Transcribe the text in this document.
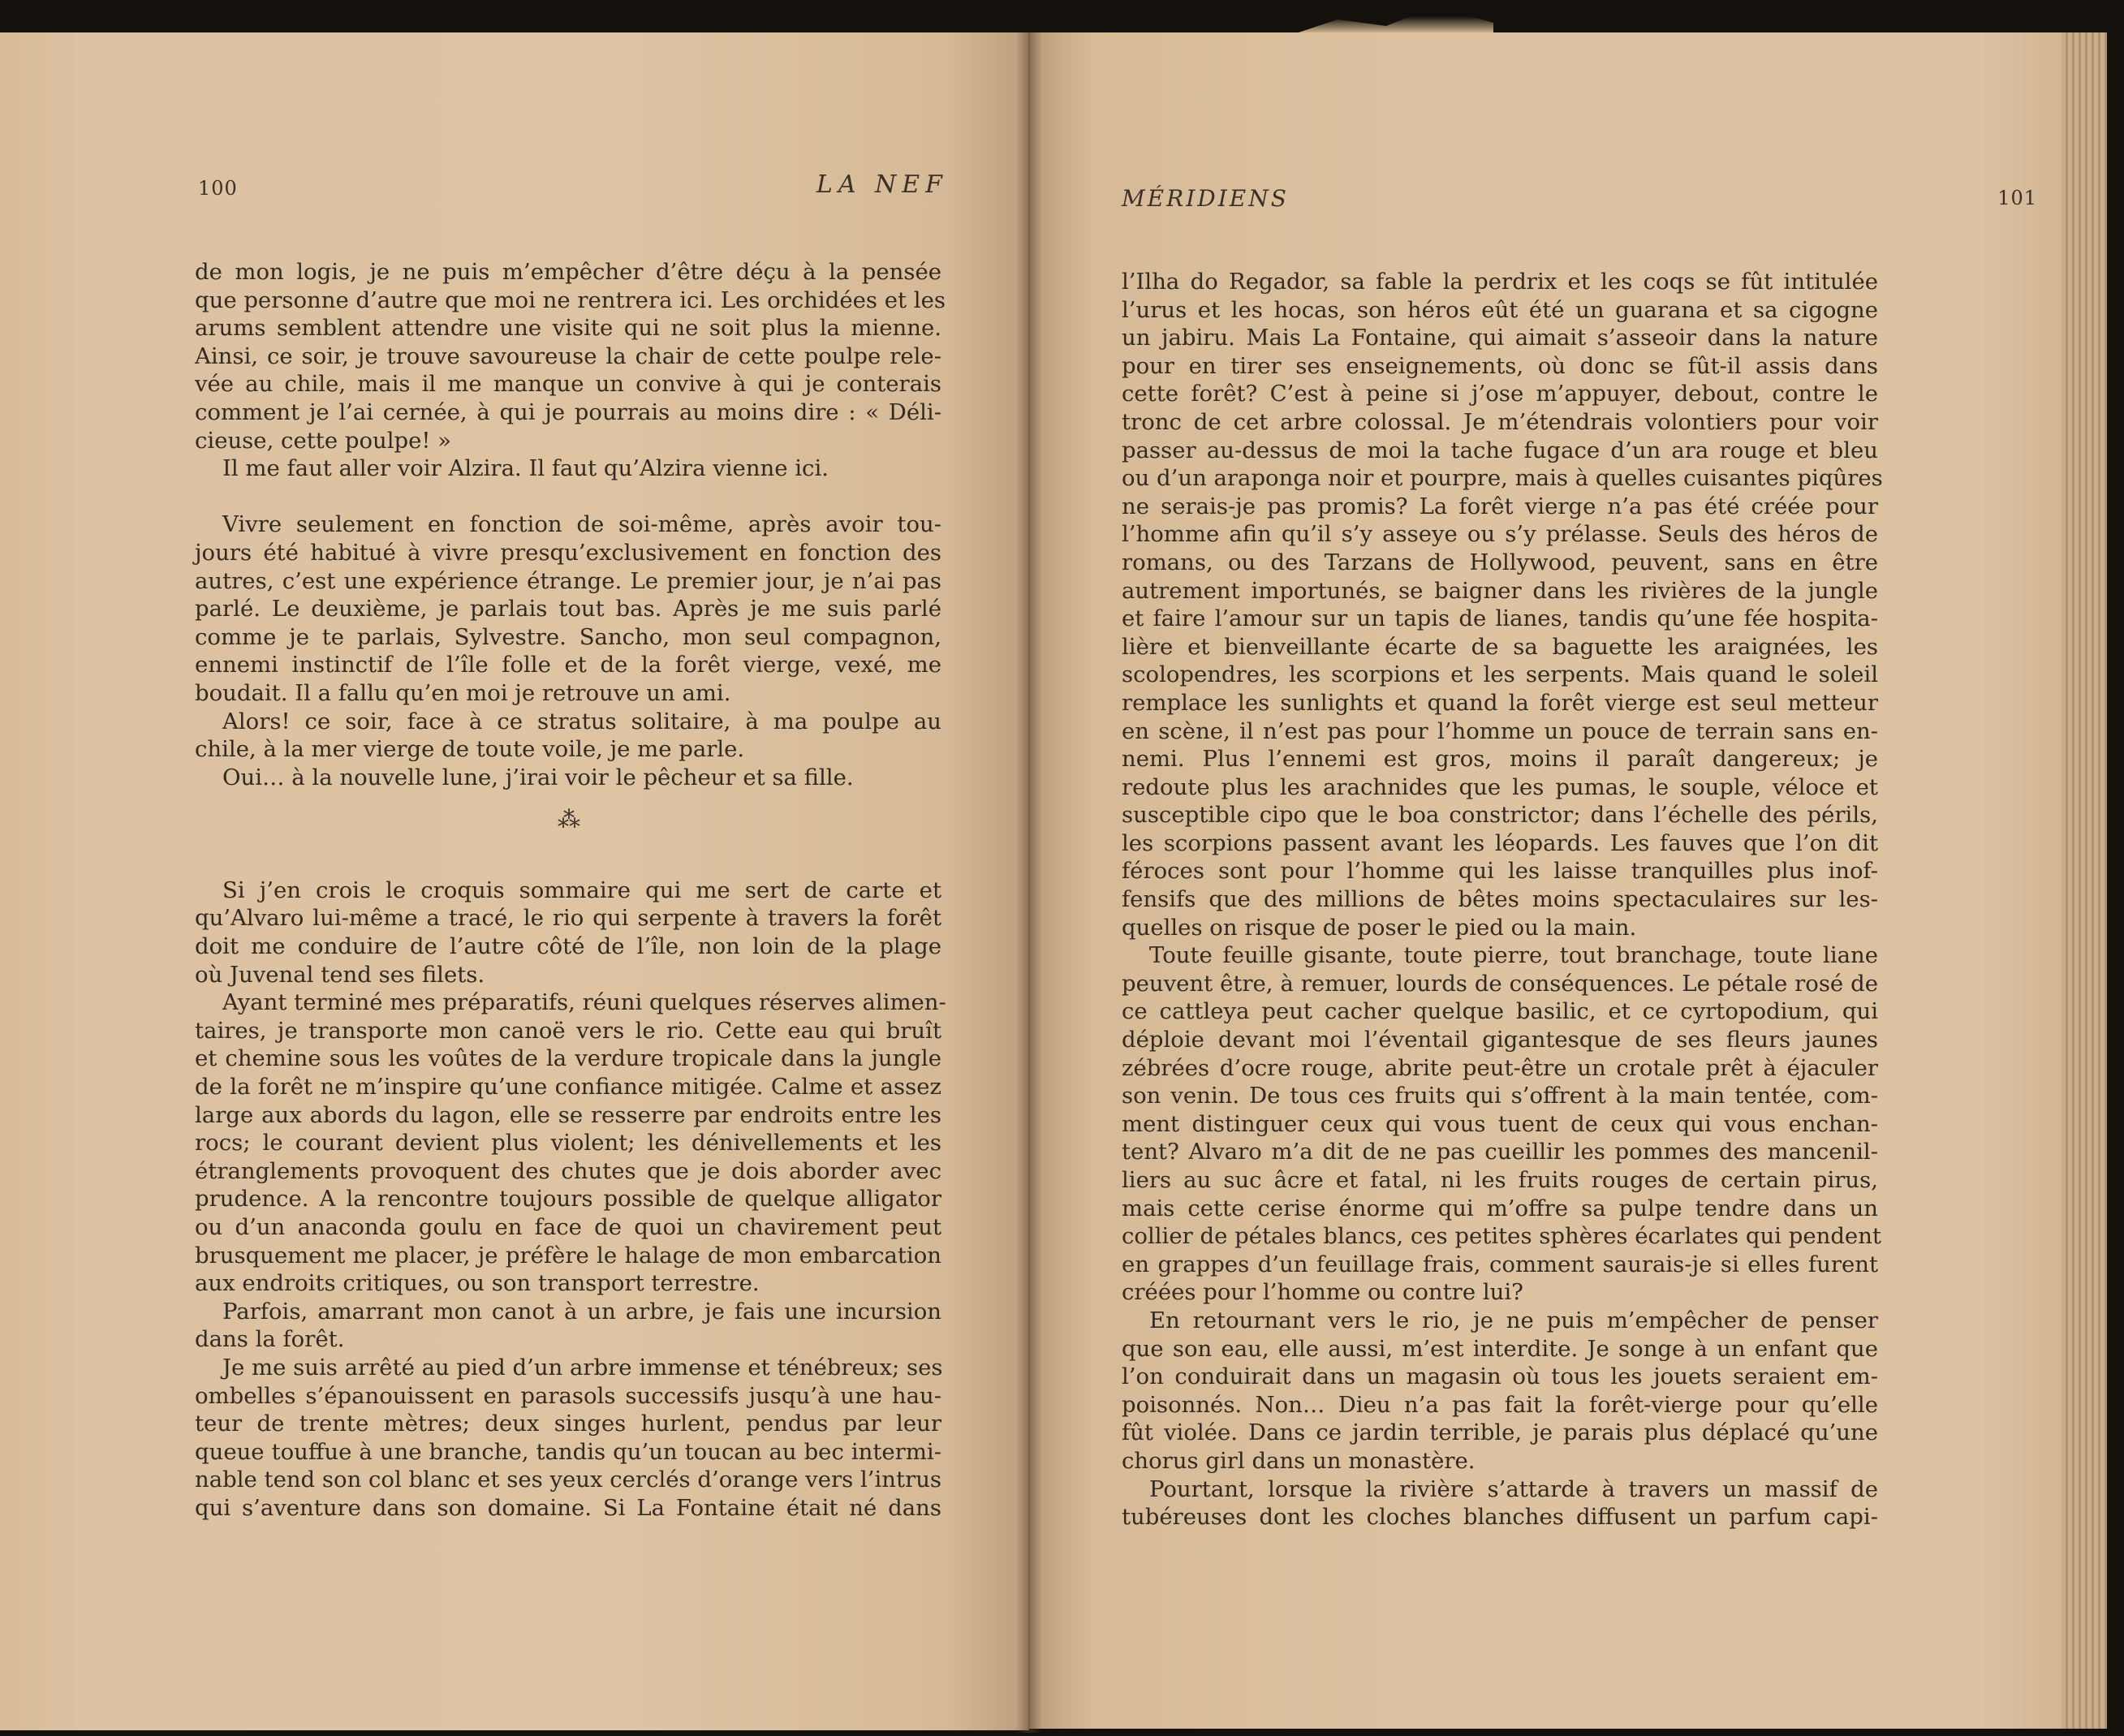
100	LA NEF
de mon logis, je ne puis m’empêcher d’être déçu à la pensée
que personne d’autre que moi ne rentrera ici. Les orchidées et les
arums semblent attendre une visite qui ne soit plus la mienne.
Ainsi, ce soir, je trouve savoureuse la chair de cette poulpe rele-
vée au chile, mais il me manque un convive à qui je conterais
comment je l’ai cernée, à qui je pourrais au moins dire : « Déli-
cieuse, cette poulpe! »
Il me faut aller voir Alzira. Il faut qu’Alzira vienne ici.
Vivre seulement en fonction de soi-même, après avoir tou-
jours été habitué à vivre presqu’exclusivement en fonction des
autres, c’est une expérience étrange. Le premier jour, je n’ai pas
parlé. Le deuxième, je parlais tout bas. Après je me suis parlé
comme je te parlais, Sylvestre. Sancho, mon seul compagnon,
ennemi instinctif de l’île folle et de la forêt vierge, vexé, me
boudait. Il a fallu qu’en moi je retrouve un ami.
Alors! ce soir, face à ce stratus solitaire, à ma poulpe au
chile, à la mer vierge de toute voile, je me parle.
Oui… à la nouvelle lune, j’irai voir le pêcheur et sa fille.
⁂
Si j’en crois le croquis sommaire qui me sert de carte et
qu’Alvaro lui-même a tracé, le rio qui serpente à travers la forêt
doit me conduire de l’autre côté de l’île, non loin de la plage
où Juvenal tend ses filets.
Ayant terminé mes préparatifs, réuni quelques réserves alimen-
taires, je transporte mon canoë vers le rio. Cette eau qui bruît
et chemine sous les voûtes de la verdure tropicale dans la jungle
de la forêt ne m’inspire qu’une confiance mitigée. Calme et assez
large aux abords du lagon, elle se resserre par endroits entre les
rocs; le courant devient plus violent; les dénivellements et les
étranglements provoquent des chutes que je dois aborder avec
prudence. A la rencontre toujours possible de quelque alligator
ou d’un anaconda goulu en face de quoi un chavirement peut
brusquement me placer, je préfère le halage de mon embarcation
aux endroits critiques, ou son transport terrestre.
Parfois, amarrant mon canot à un arbre, je fais une incursion
dans la forêt.
Je me suis arrêté au pied d’un arbre immense et ténébreux; ses
ombelles s’épanouissent en parasols successifs jusqu’à une hau-
teur de trente mètres; deux singes hurlent, pendus par leur
queue touffue à une branche, tandis qu’un toucan au bec intermi-
nable tend son col blanc et ses yeux cerclés d’orange vers l’intrus
qui s’aventure dans son domaine. Si La Fontaine était né dans
MÉRIDIENS	101
l’Ilha do Regador, sa fable la perdrix et les coqs se fût intitulée
l’urus et les hocas, son héros eût été un guarana et sa cigogne
un jabiru. Mais La Fontaine, qui aimait s’asseoir dans la nature
pour en tirer ses enseignements, où donc se fût-il assis dans
cette forêt? C’est à peine si j’ose m’appuyer, debout, contre le
tronc de cet arbre colossal. Je m’étendrais volontiers pour voir
passer au-dessus de moi la tache fugace d’un ara rouge et bleu
ou d’un araponga noir et pourpre, mais à quelles cuisantes piqûres
ne serais-je pas promis? La forêt vierge n’a pas été créée pour
l’homme afin qu’il s’y asseye ou s’y prélasse. Seuls des héros de
romans, ou des Tarzans de Hollywood, peuvent, sans en être
autrement importunés, se baigner dans les rivières de la jungle
et faire l’amour sur un tapis de lianes, tandis qu’une fée hospita-
lière et bienveillante écarte de sa baguette les araignées, les
scolopendres, les scorpions et les serpents. Mais quand le soleil
remplace les sunlights et quand la forêt vierge est seul metteur
en scène, il n’est pas pour l’homme un pouce de terrain sans en-
nemi. Plus l’ennemi est gros, moins il paraît dangereux; je
redoute plus les arachnides que les pumas, le souple, véloce et
susceptible cipo que le boa constrictor; dans l’échelle des périls,
les scorpions passent avant les léopards. Les fauves que l’on dit
féroces sont pour l’homme qui les laisse tranquilles plus inof-
fensifs que des millions de bêtes moins spectaculaires sur les-
quelles on risque de poser le pied ou la main.
Toute feuille gisante, toute pierre, tout branchage, toute liane
peuvent être, à remuer, lourds de conséquences. Le pétale rosé de
ce cattleya peut cacher quelque basilic, et ce cyrtopodium, qui
déploie devant moi l’éventail gigantesque de ses fleurs jaunes
zébrées d’ocre rouge, abrite peut-être un crotale prêt à éjaculer
son venin. De tous ces fruits qui s’offrent à la main tentée, com-
ment distinguer ceux qui vous tuent de ceux qui vous enchan-
tent? Alvaro m’a dit de ne pas cueillir les pommes des mancenil-
liers au suc âcre et fatal, ni les fruits rouges de certain pirus,
mais cette cerise énorme qui m’offre sa pulpe tendre dans un
collier de pétales blancs, ces petites sphères écarlates qui pendent
en grappes d’un feuillage frais, comment saurais-je si elles furent
créées pour l’homme ou contre lui?
En retournant vers le rio, je ne puis m’empêcher de penser
que son eau, elle aussi, m’est interdite. Je songe à un enfant que
l’on conduirait dans un magasin où tous les jouets seraient em-
poisonnés. Non… Dieu n’a pas fait la forêt-vierge pour qu’elle
fût violée. Dans ce jardin terrible, je parais plus déplacé qu’une
chorus girl dans un monastère.
Pourtant, lorsque la rivière s’attarde à travers un massif de
tubéreuses dont les cloches blanches diffusent un parfum capi-
